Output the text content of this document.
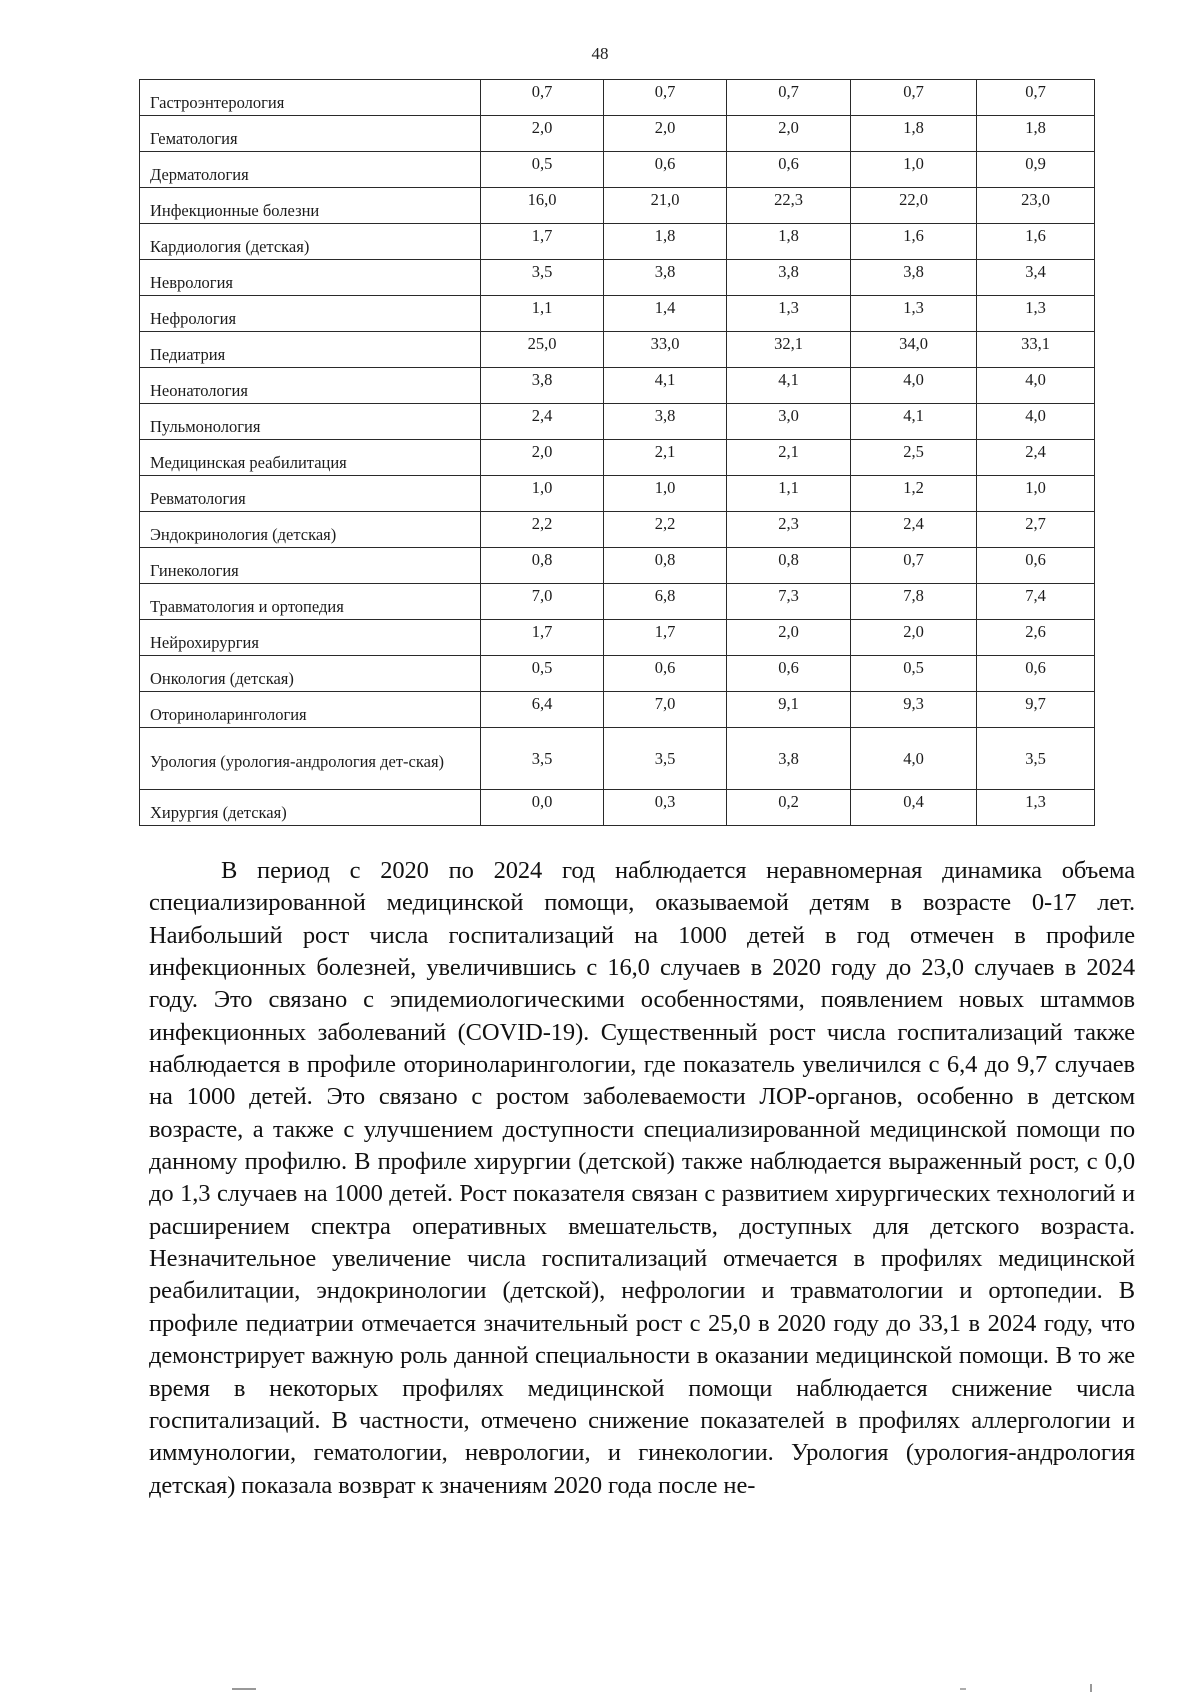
48
Гастроэнтерология	0,7	0,7	0,7	0,7	0,7
Гематология	2,0	2,0	2,0	1,8	1,8
Дерматология	0,5	0,6	0,6	1,0	0,9
Инфекционные болезни	16,0	21,0	22,3	22,0	23,0
Кардиология (детская)	1,7	1,8	1,8	1,6	1,6
Неврология	3,5	3,8	3,8	3,8	3,4
Нефрология	1,1	1,4	1,3	1,3	1,3
Педиатрия	25,0	33,0	32,1	34,0	33,1
Неонатология	3,8	4,1	4,1	4,0	4,0
Пульмонология	2,4	3,8	3,0	4,1	4,0
Медицинская реабилитация	2,0	2,1	2,1	2,5	2,4
Ревматология	1,0	1,0	1,1	1,2	1,0
Эндокринология (детская)	2,2	2,2	2,3	2,4	2,7
Гинекология	0,8	0,8	0,8	0,7	0,6
Травматология и ортопедия	7,0	6,8	7,3	7,8	7,4
Нейрохирургия	1,7	1,7	2,0	2,0	2,6
Онкология (детская)	0,5	0,6	0,6	0,5	0,6
Оториноларингология	6,4	7,0	9,1	9,3	9,7
Урология (урология-андрология дет-ская)	3,5	3,5	3,8	4,0	3,5
Хирургия (детская)	0,0	0,3	0,2	0,4	1,3

В период с 2020 по 2024 год наблюдается неравномерная динамика объема специализированной медицинской помощи, оказываемой детям в возрасте 0-17 лет. Наибольший рост числа госпитализаций на 1000 детей в год отмечен в профиле инфекционных болезней, увеличившись с 16,0 случаев в 2020 году до 23,0 случаев в 2024 году. Это связано с эпидемиологическими особенностями, появлением новых штаммов инфекционных заболеваний (COVID-19). Существенный рост числа госпитализаций также наблюдается в профиле оториноларингологии, где показатель увеличился с 6,4 до 9,7 случаев на 1000 детей. Это связано с ростом заболеваемости ЛОР-органов, особенно в детском возрасте, а также с улучшением доступности специализированной медицинской помощи по данному профилю. В профиле хирургии (детской) также наблюдается выраженный рост, с 0,0 до 1,3 случаев на 1000 детей. Рост показателя связан с развитием хирургических технологий и расширением спектра оперативных вмешательств, доступных для детского возраста. Незначительное увеличение числа госпитализаций отмечается в профилях медицинской реабилитации, эндокринологии (детской), нефрологии и травматологии и ортопедии. В профиле педиатрии отмечается значительный рост с 25,0 в 2020 году до 33,1 в 2024 году, что демонстрирует важную роль данной специальности в оказании медицинской помощи. В то же время в некоторых профилях медицинской помощи наблюдается снижение числа госпитализаций. В частности, отмечено снижение показателей в профилях аллергологии и иммунологии, гематологии, неврологии, и гинекологии. Урология (урология-андрология детская) показала возврат к значениям 2020 года после не-
